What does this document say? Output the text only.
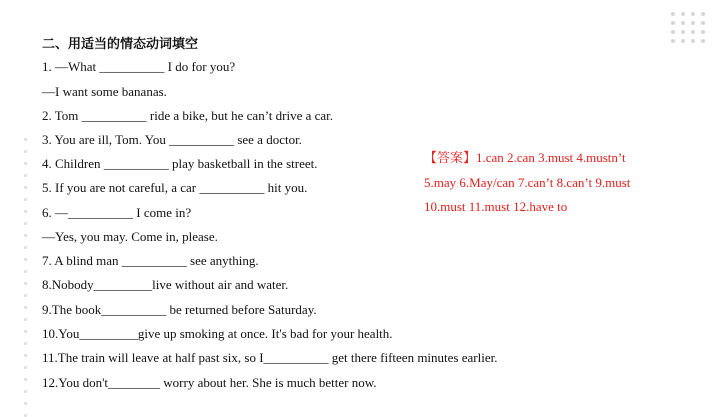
二、用适当的情态动词填空
1. —What __________ I do for you?
—I want some bananas.
2. Tom __________ ride a bike, but he can’t drive a car.
3. You are ill, Tom. You __________ see a doctor.
4. Children __________ play basketball in the street.
5. If you are not careful, a car __________ hit you.
6. —__________ I come in?
—Yes, you may. Come in, please.
7. A blind man __________ see anything.
8.Nobody_________live without air and water.
9.The book__________ be returned before Saturday.
10.You_________give up smoking at once. It's bad for your health.
11.The train will leave at half past six, so I__________ get there fifteen minutes earlier.
12.You don't________ worry about her. She is much better now.
【答案】1.can 2.can 3.must 4.mustn’t
5.may 6.May/can 7.can’t 8.can’t 9.must
10.must 11.must 12.have to
